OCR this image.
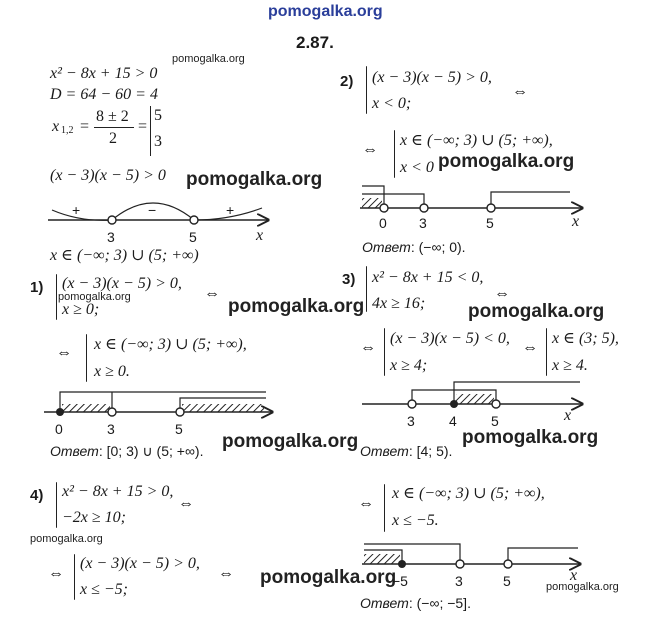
pomogalka.org
2.87.
pomogalka.org
x² − 8x + 15 > 0
D = 64 − 60 = 4
x 1,2 =
8 ± 2
2
=
5
3
(x − 3)(x − 5) > 0 pomogalka.org
+	−	+
3	5	x
x ∈ (−∞; 3) ∪ (5; +∞)
1) (x − 3)(x − 5) > 0,
x ≥ 0;
pomogalka.org	⇔
pomogalka.org
⇔ x ∈ (−∞; 3) ∪ (5; +∞),
x ≥ 0.
0	3	5
Ответ: [0; 3) ∪ (5; +∞). pomogalka.org
2) (x − 3)(x − 5) > 0,
x < 0;
⇔
⇔
x ∈ (−∞; 3) ∪ (5; +∞),
x < 0 pomogalka.org
0 3	5	x
Ответ: (−∞; 0).
3) x² − 8x + 15 < 0,
4x ≥ 16;
⇔
pomogalka.org
⇔
(x − 3)(x − 5) < 0,
x ≥ 4;
⇔
x ∈ (3; 5),
x ≥ 4.
3 4 5	x
Ответ: [4; 5).
pomogalka.org
4) x² − 8x + 15 > 0,
−2x ≥ 10;
⇔
pomogalka.org
⇔
(x − 3)(x − 5) > 0,
x ≤ −5;
⇔ pomogalka.org
⇔
x ∈ (−∞; 3) ∪ (5; +∞),
x ≤ −5.
−5	3	5	x
pomogalka.org
Ответ: (−∞; −5].
